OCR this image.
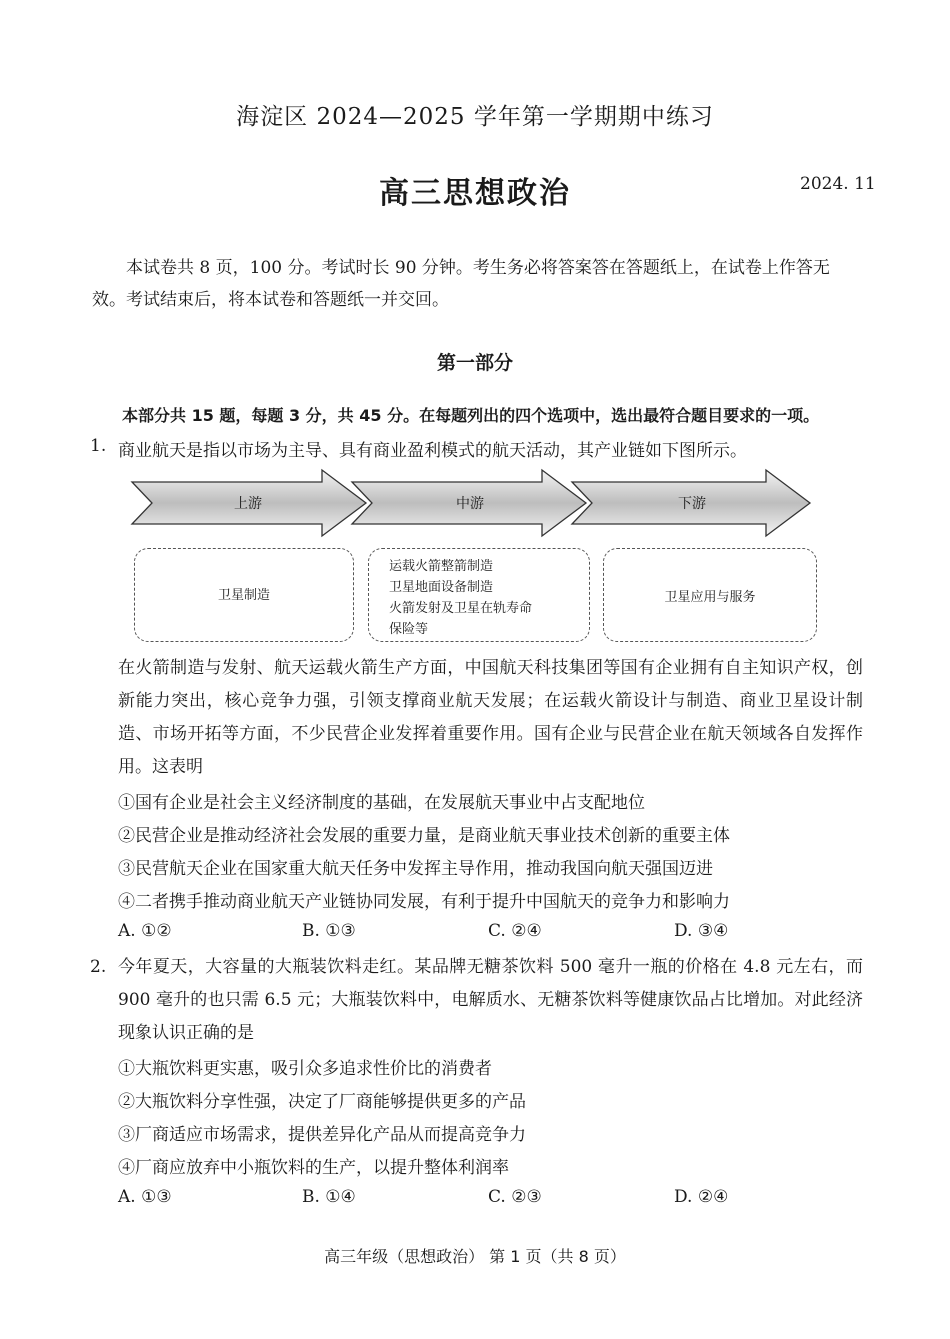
海淀区 2024—2025 学年第一学期期中练习
高三思想政治	2024. 11
本试卷共 8 页，100 分。考试时长 90 分钟。考生务必将答案答在答题纸上，在试卷上作答无效。考试结束后，将本试卷和答题纸一并交回。
第一部分
本部分共 15 题，每题 3 分，共 45 分。在每题列出的四个选项中，选出最符合题目要求的一项。
1. 商业航天是指以市场为主导、具有商业盈利模式的航天活动，其产业链如下图所示。
上游	中游	下游
卫星制造
运载火箭整箭制造
卫星地面设备制造
火箭发射及卫星在轨寿命
保险等
卫星应用与服务
在火箭制造与发射、航天运载火箭生产方面，中国航天科技集团等国有企业拥有自主知识产权，创新能力突出，核心竞争力强，引领支撑商业航天发展；在运载火箭设计与制造、商业卫星设计制造、市场开拓等方面，不少民营企业发挥着重要作用。国有企业与民营企业在航天领域各自发挥作用。这表明
①国有企业是社会主义经济制度的基础，在发展航天事业中占支配地位
②民营企业是推动经济社会发展的重要力量，是商业航天事业技术创新的重要主体
③民营航天企业在国家重大航天任务中发挥主导作用，推动我国向航天强国迈进
④二者携手推动商业航天产业链协同发展，有利于提升中国航天的竞争力和影响力
A. ①②	B. ①③	C. ②④	D. ③④
2. 今年夏天，大容量的大瓶装饮料走红。某品牌无糖茶饮料 500 毫升一瓶的价格在 4.8 元左右，而 900 毫升的也只需 6.5 元；大瓶装饮料中，电解质水、无糖茶饮料等健康饮品占比增加。对此经济现象认识正确的是
①大瓶饮料更实惠，吸引众多追求性价比的消费者
②大瓶饮料分享性强，决定了厂商能够提供更多的产品
③厂商适应市场需求，提供差异化产品从而提高竞争力
④厂商应放弃中小瓶饮料的生产，以提升整体利润率
A. ①③	B. ①④	C. ②③	D. ②④
高三年级（思想政治） 第 1 页（共 8 页）
